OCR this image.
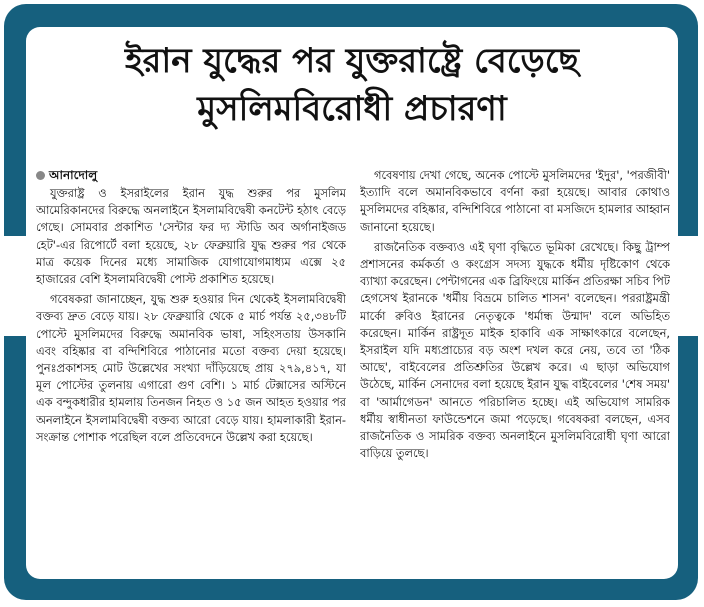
ইরান যুদ্ধের পর যুক্তরাষ্ট্রে বেড়েছে
মুসলিমবিরোধী প্রচারণা
আনাদোলু

যুক্তরাষ্ট্র ও ইসরাইলের ইরান যুদ্ধ শুরুর পর মুসলিম আমেরিকানদের বিরুদ্ধে অনলাইনে ইসলামবিদ্বেষী কনটেন্ট হঠাৎ বেড়ে গেছে। সোমবার প্রকাশিত 'সেন্টার ফর দ্য স্টাডি অব অর্গানাইজড হেট'-এর রিপোর্টে বলা হয়েছে, ২৮ ফেব্রুয়ারি যুদ্ধ শুরুর পর থেকে মাত্র কয়েক দিনের মধ্যে সামাজিক যোগাযোগমাধ্যম এক্সে ২৫ হাজারের বেশি ইসলামবিদ্বেষী পোস্ট প্রকাশিত হয়েছে।

গবেষকরা জানাচ্ছেন, যুদ্ধ শুরু হওয়ার দিন থেকেই ইসলামবিদ্বেষী বক্তব্য দ্রুত বেড়ে যায়। ২৮ ফেব্রুয়ারি থেকে ৫ মার্চ পর্যন্ত ২৫,৩৪৮টি পোস্টে মুসলিমদের বিরুদ্ধে অমানবিক ভাষা, সহিংসতায় উসকানি এবং বহিষ্কার বা বন্দিশিবিরে পাঠানোর মতো বক্তব্য দেয়া হয়েছে। পুনঃপ্রকাশসহ মোট উল্লেখের সংখ্যা দাঁড়িয়েছে প্রায় ২৭৯,৪১৭, যা মূল পোস্টের তুলনায় এগারো গুণ বেশি। ১ মার্চ টেক্সাসের অস্টিনে এক বন্দুকধারীর হামলায় তিনজন নিহত ও ১৫ জন আহত হওয়ার পর অনলাইনে ইসলামবিদ্বেষী বক্তব্য আরো বেড়ে যায়। হামলাকারী ইরান-সংক্রান্ত পোশাক পরেছিল বলে প্রতিবেদনে উল্লেখ করা হয়েছে।

গবেষণায় দেখা গেছে, অনেক পোস্টে মুসলিমদের 'ইদুর', 'পরজীবী' ইত্যাদি বলে অমানবিকভাবে বর্ণনা করা হয়েছে। আবার কোথাও মুসলিমদের বহিষ্কার, বন্দিশিবিরে পাঠানো বা মসজিদে হামলার আহ্বান জানানো হয়েছে।

রাজনৈতিক বক্তব্যও এই ঘৃণা বৃদ্ধিতে ভূমিকা রেখেছে। কিছু ট্রাম্প প্রশাসনের কর্মকর্তা ও কংগ্রেস সদস্য যুদ্ধকে ধর্মীয় দৃষ্টিকোণ থেকে ব্যাখ্যা করেছেন। পেন্টাগনের এক ব্রিফিংয়ে মার্কিন প্রতিরক্ষা সচিব পিট হেগসেথ ইরানকে 'ধর্মীয় বিভ্রমে চালিত শাসন' বলেছেন। পররাষ্ট্রমন্ত্রী মার্কো রুবিও ইরানের নেতৃত্বকে 'ধর্মান্ধ উন্মাদ' বলে অভিহিত করেছেন। মার্কিন রাষ্ট্রদূত মাইক হাকাবি এক সাক্ষাৎকারে বলেছেন, ইসরাইল যদি মধ্যপ্রাচ্যের বড় অংশ দখল করে নেয়, তবে তা 'ঠিক আছে', বাইবেলের প্রতিশ্রুতির উল্লেখ করে। এ ছাড়া অভিযোগ উঠেছে, মার্কিন সেনাদের বলা হয়েছে ইরান যুদ্ধ বাইবেলের 'শেষ সময়' বা 'আর্মাগেডন' আনতে পরিচালিত হচ্ছে। এই অভিযোগ সামরিক ধর্মীয় স্বাধীনতা ফাউন্ডেশনে জমা পড়েছে। গবেষকরা বলছেন, এসব রাজনৈতিক ও সামরিক বক্তব্য অনলাইনে মুসলিমবিরোধী ঘৃণা আরো বাড়িয়ে তুলছে।
